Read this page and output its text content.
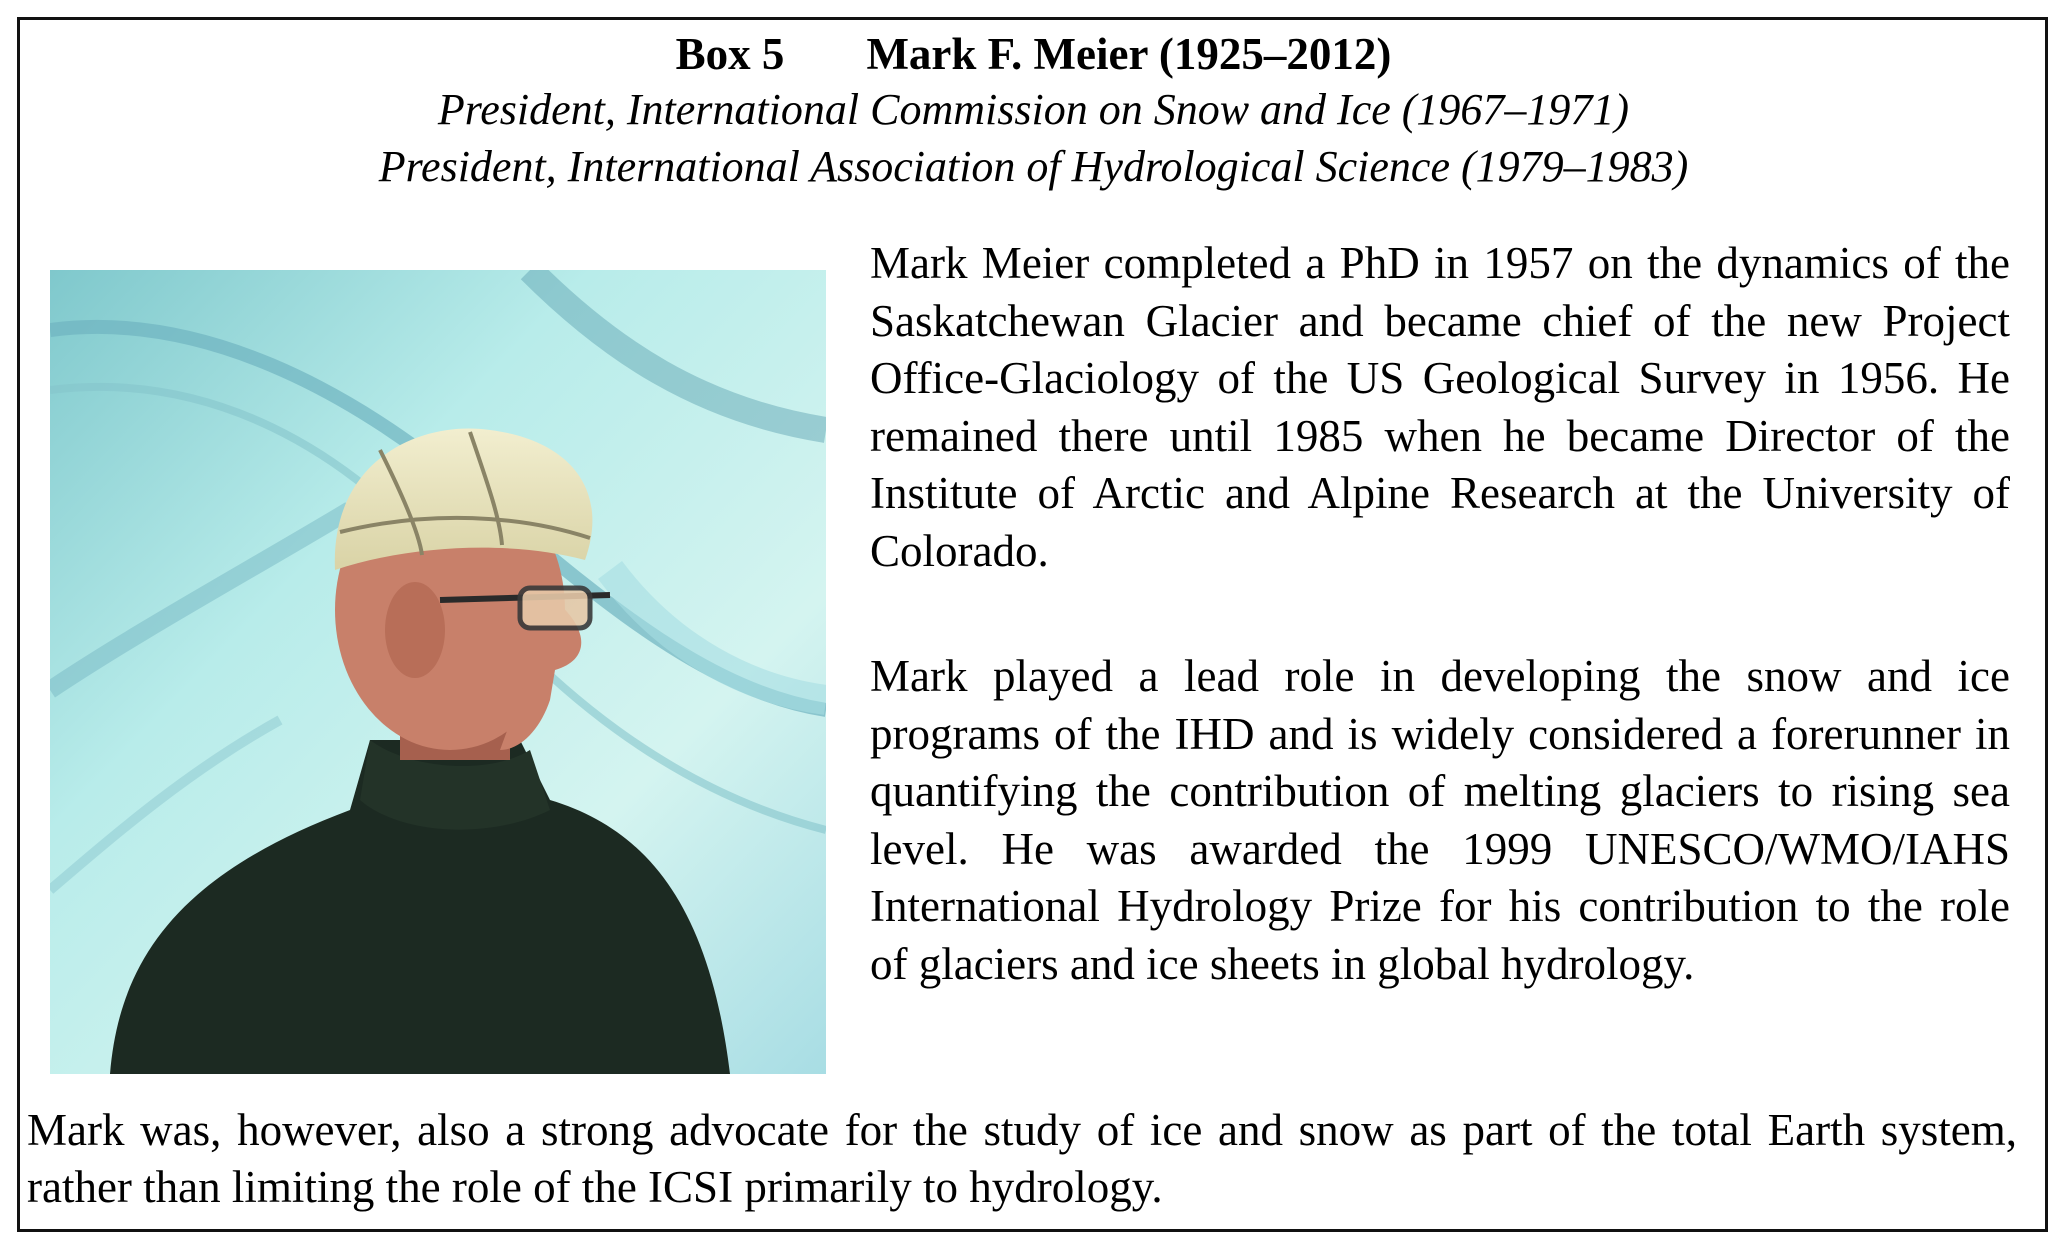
Box 5 Mark F. Meier (1925–2012)
President, International Commission on Snow and Ice (1967–1971)
President, International Association of Hydrological Science (1979–1983)

Mark Meier completed a PhD in 1957 on the dynamics of the Saskatchewan Glacier and became chief of the new Project Office-Glaciology of the US Geological Survey in 1956. He remained there until 1985 when he became Director of the Institute of Arctic and Alpine Research at the University of Colorado.

Mark played a lead role in developing the snow and ice programs of the IHD and is widely considered a forerunner in quantifying the contribution of melting glaciers to rising sea level. He was awarded the 1999 UNESCO/WMO/IAHS International Hydrology Prize for his contribution to the role of glaciers and ice sheets in global hydrology.

Mark was, however, also a strong advocate for the study of ice and snow as part of the total Earth system, rather than limiting the role of the ICSI primarily to hydrology.
